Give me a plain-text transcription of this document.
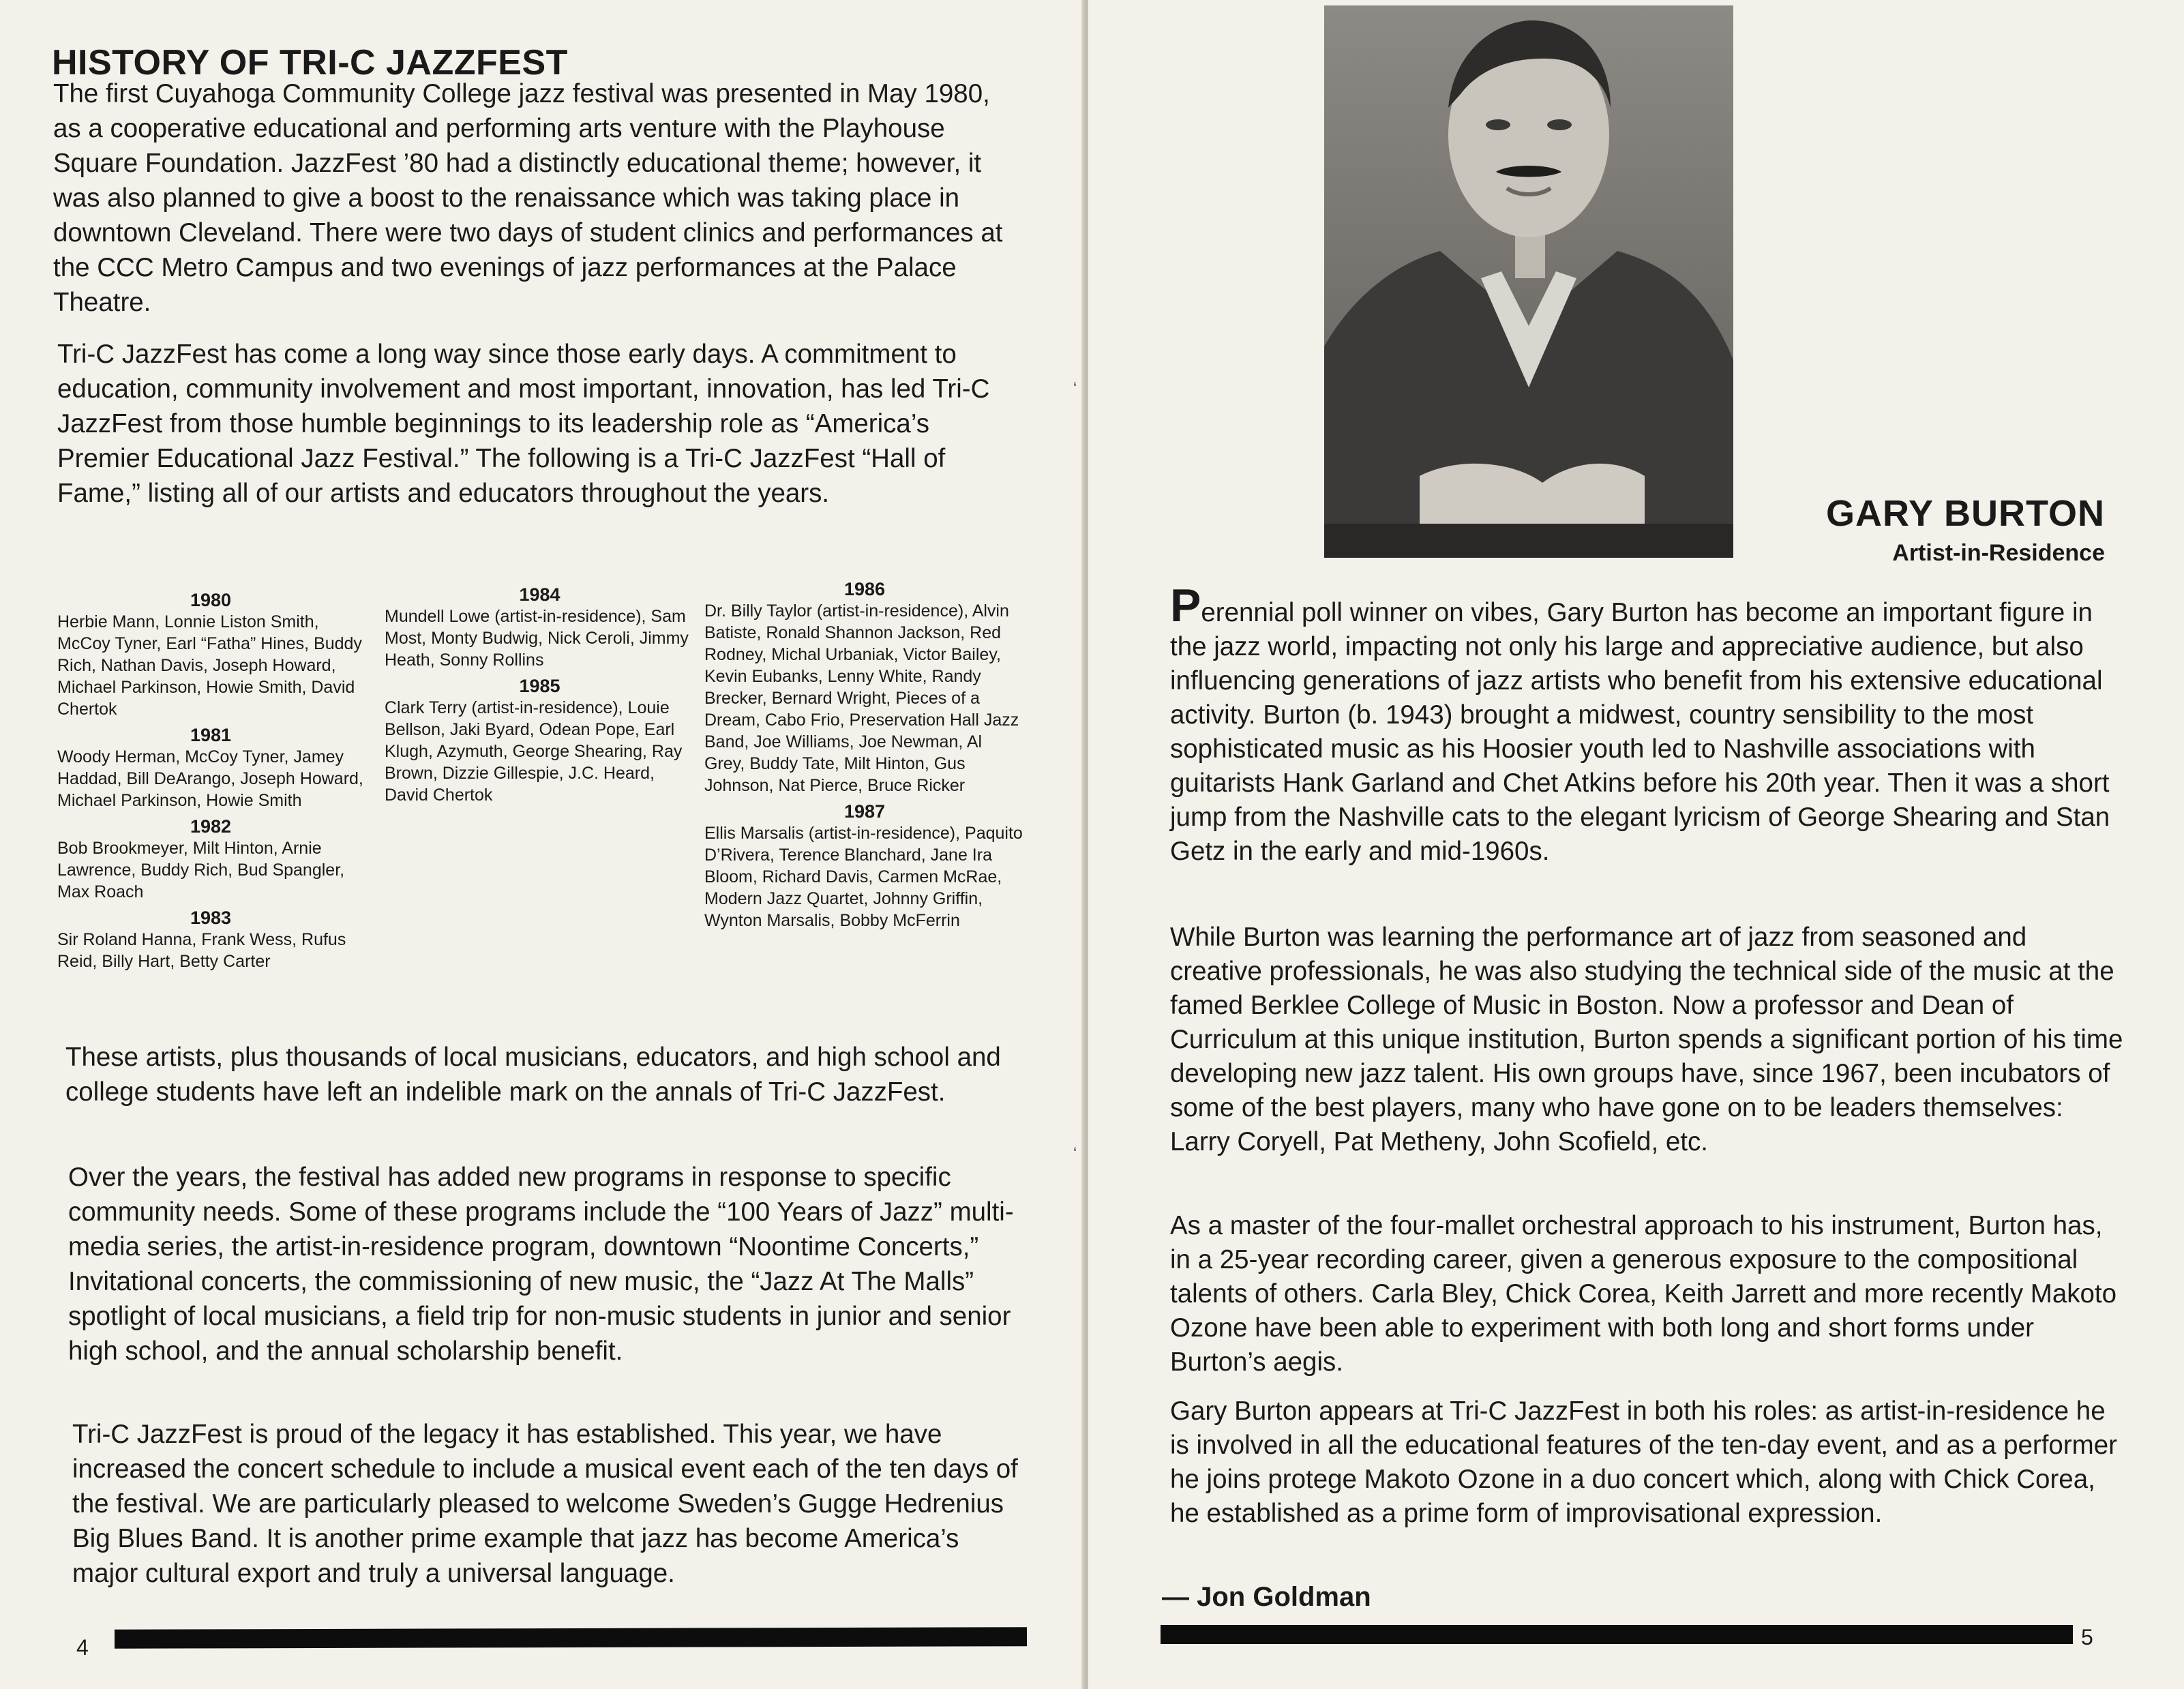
HISTORY OF TRI-C JAZZFEST

The first Cuyahoga Community College jazz festival was presented in May 1980, as a cooperative educational and performing arts venture with the Playhouse Square Foundation. JazzFest ’80 had a distinctly educational theme; however, it was also planned to give a boost to the renaissance which was taking place in downtown Cleveland. There were two days of student clinics and performances at the CCC Metro Campus and two evenings of jazz performances at the Palace Theatre.

Tri-C JazzFest has come a long way since those early days. A commitment to education, community involvement and most important, innovation, has led Tri-C JazzFest from those humble beginnings to its leadership role as “America’s Premier Educational Jazz Festival.” The following is a Tri-C JazzFest “Hall of Fame,” listing all of our artists and educators throughout the years.

1980
Herbie Mann, Lonnie Liston Smith, McCoy Tyner, Earl “Fatha” Hines, Buddy Rich, Nathan Davis, Joseph Howard, Michael Parkinson, Howie Smith, David Chertok
1981
Woody Herman, McCoy Tyner, Jamey Haddad, Bill DeArango, Joseph Howard, Michael Parkinson, Howie Smith
1982
Bob Brookmeyer, Milt Hinton, Arnie Lawrence, Buddy Rich, Bud Spangler, Max Roach
1983
Sir Roland Hanna, Frank Wess, Rufus Reid, Billy Hart, Betty Carter
1984
Mundell Lowe (artist-in-residence), Sam Most, Monty Budwig, Nick Ceroli, Jimmy Heath, Sonny Rollins
1985
Clark Terry (artist-in-residence), Louie Bellson, Jaki Byard, Odean Pope, Earl Klugh, Azymuth, George Shearing, Ray Brown, Dizzie Gillespie, J.C. Heard, David Chertok
1986
Dr. Billy Taylor (artist-in-residence), Alvin Batiste, Ronald Shannon Jackson, Red Rodney, Michal Urbaniak, Victor Bailey, Kevin Eubanks, Lenny White, Randy Brecker, Bernard Wright, Pieces of a Dream, Cabo Frio, Preservation Hall Jazz Band, Joe Williams, Joe Newman, Al Grey, Buddy Tate, Milt Hinton, Gus Johnson, Nat Pierce, Bruce Ricker
1987
Ellis Marsalis (artist-in-residence), Paquito D’Rivera, Terence Blanchard, Jane Ira Bloom, Richard Davis, Carmen McRae, Modern Jazz Quartet, Johnny Griffin, Wynton Marsalis, Bobby McFerrin

These artists, plus thousands of local musicians, educators, and high school and college students have left an indelible mark on the annals of Tri-C JazzFest.

Over the years, the festival has added new programs in response to specific community needs. Some of these programs include the “100 Years of Jazz” multi-media series, the artist-in-residence program, downtown “Noontime Concerts,” Invitational concerts, the commissioning of new music, the “Jazz At The Malls” spotlight of local musicians, a field trip for non-music students in junior and senior high school, and the annual scholarship benefit.

Tri-C JazzFest is proud of the legacy it has established. This year, we have increased the concert schedule to include a musical event each of the ten days of the festival. We are particularly pleased to welcome Sweden’s Gugge Hedrenius Big Blues Band. It is another prime example that jazz has become America’s major cultural export and truly a universal language.

4
‘
‘
GARY BURTON
Artist-in-Residence

Perennial poll winner on vibes, Gary Burton has become an important figure in the jazz world, impacting not only his large and appreciative audience, but also influencing generations of jazz artists who benefit from his extensive educational activity. Burton (b. 1943) brought a midwest, country sensibility to the most sophisticated music as his Hoosier youth led to Nashville associations with guitarists Hank Garland and Chet Atkins before his 20th year. Then it was a short jump from the Nashville cats to the elegant lyricism of George Shearing and Stan Getz in the early and mid-1960s.

While Burton was learning the performance art of jazz from seasoned and creative professionals, he was also studying the technical side of the music at the famed Berklee College of Music in Boston. Now a professor and Dean of Curriculum at this unique institution, Burton spends a significant portion of his time developing new jazz talent. His own groups have, since 1967, been incubators of some of the best players, many who have gone on to be leaders themselves: Larry Coryell, Pat Metheny, John Scofield, etc.

As a master of the four-mallet orchestral approach to his instrument, Burton has, in a 25-year recording career, given a generous exposure to the compositional talents of others. Carla Bley, Chick Corea, Keith Jarrett and more recently Makoto Ozone have been able to experiment with both long and short forms under Burton’s aegis.

Gary Burton appears at Tri-C JazzFest in both his roles: as artist-in-residence he is involved in all the educational features of the ten-day event, and as a performer he joins protege Makoto Ozone in a duo concert which, along with Chick Corea, he established as a prime form of improvisational expression.

— Jon Goldman
5
